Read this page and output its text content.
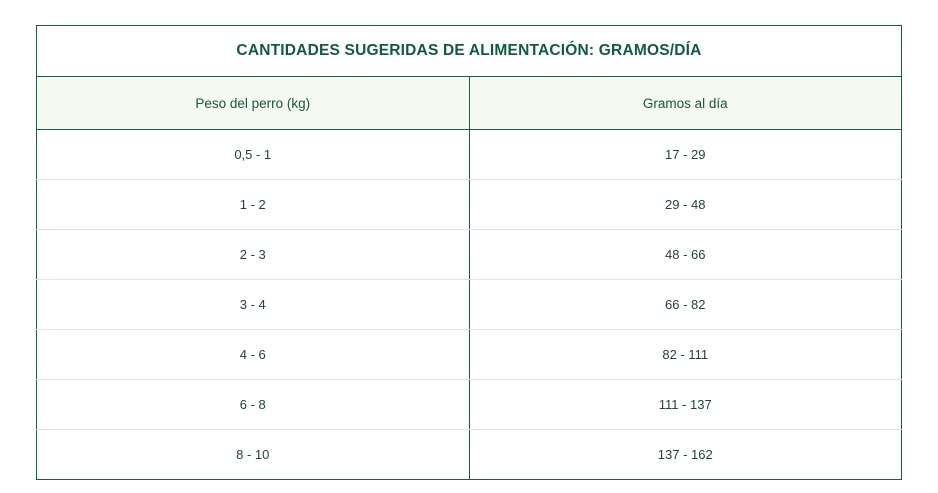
CANTIDADES SUGERIDAS DE ALIMENTACIÓN: GRAMOS/DÍA	
Peso del perro (kg)	Gramos al día
0,5 - 1	17 - 29
1 - 2	29 - 48
2 - 3	48 - 66
3 - 4	66 - 82
4 - 6	82 - 111
6 - 8	111 - 137
8 - 10	137 - 162
